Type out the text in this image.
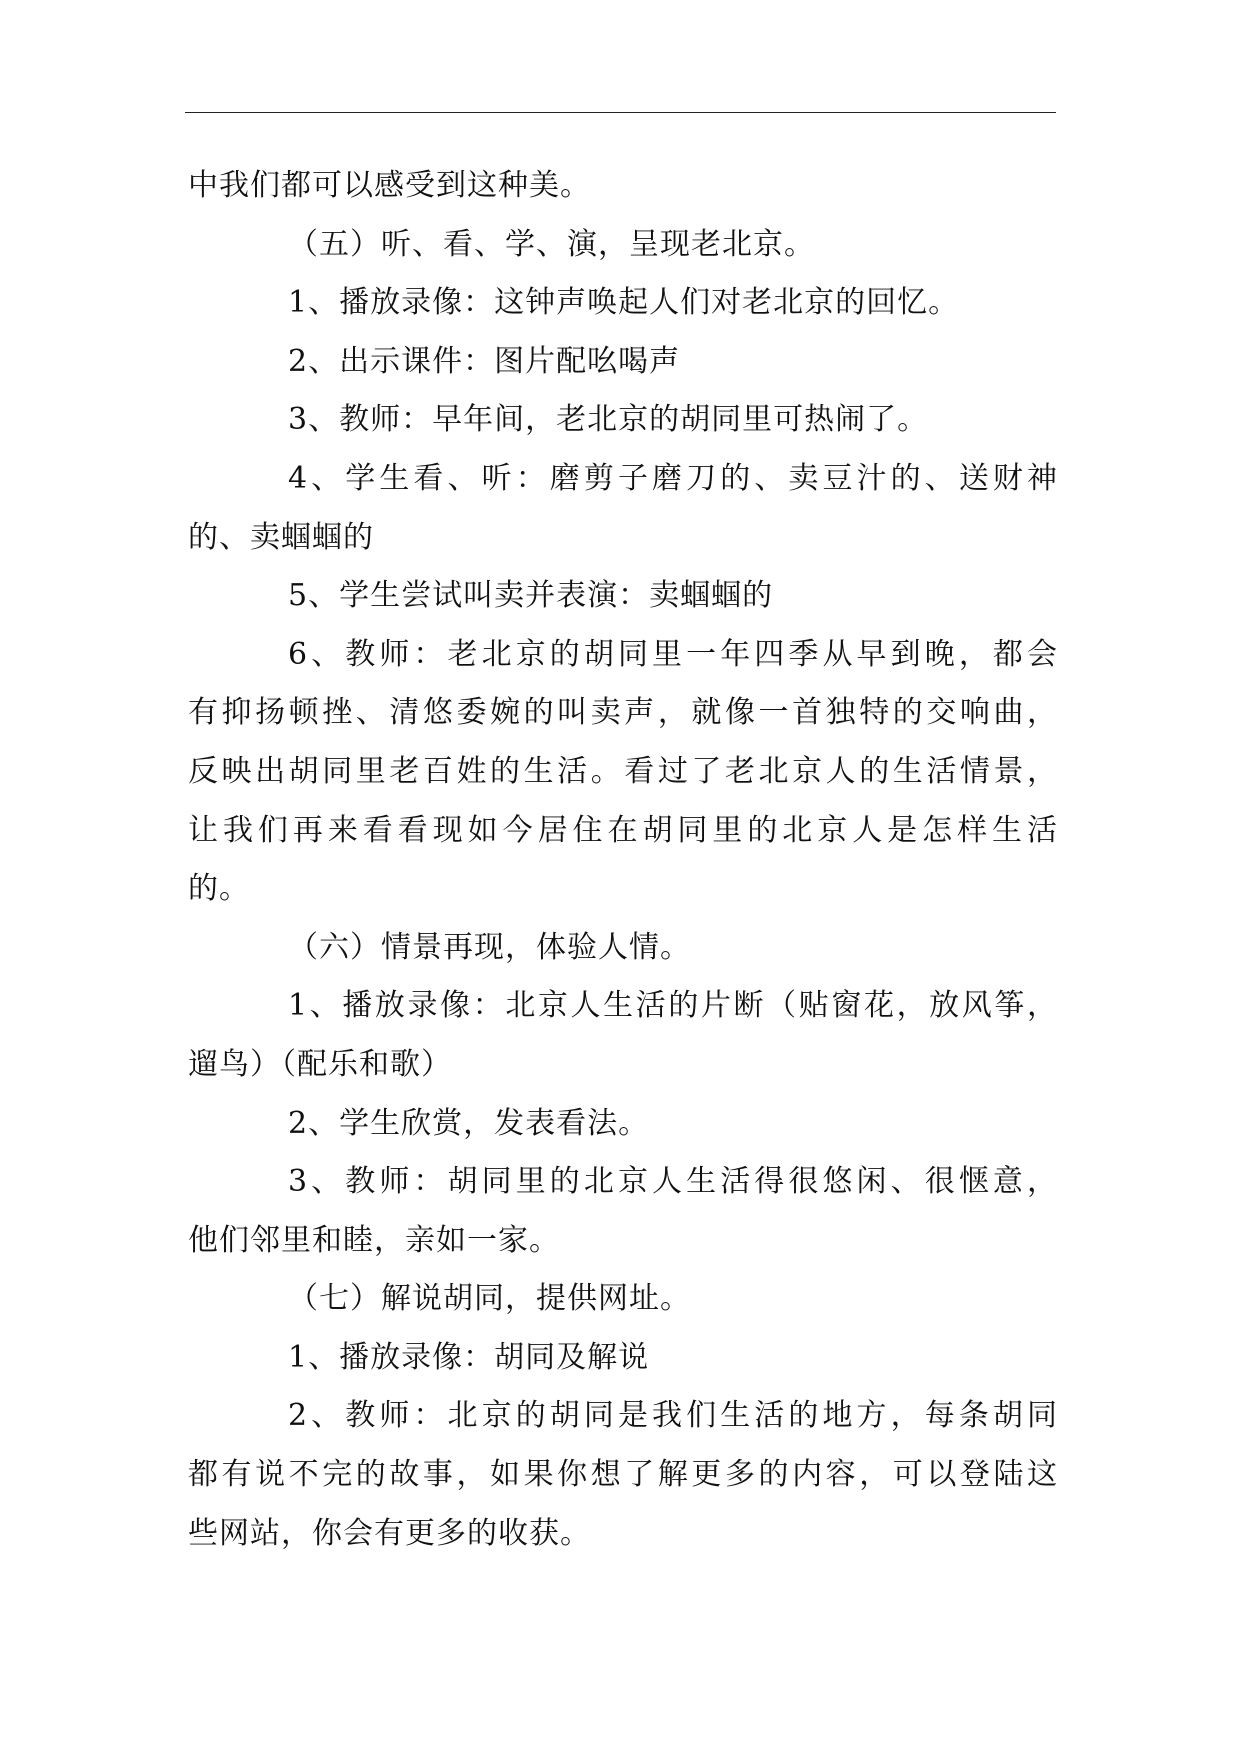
中我们都可以感受到这种美。
（五）听、看、学、演，呈现老北京。
1、播放录像：这钟声唤起人们对老北京的回忆。
2、出示课件：图片配吆喝声
3、教师：早年间，老北京的胡同里可热闹了。
4、学生看、听：磨剪子磨刀的、卖豆汁的、送财神
的、卖蝈蝈的
5、学生尝试叫卖并表演：卖蝈蝈的
6、教师：老北京的胡同里一年四季从早到晚，都会
有抑扬顿挫、清悠委婉的叫卖声，就像一首独特的交响曲，
反映出胡同里老百姓的生活。看过了老北京人的生活情景，
让我们再来看看现如今居住在胡同里的北京人是怎样生活
的。
（六）情景再现，体验人情。
1、播放录像：北京人生活的片断（贴窗花，放风筝，
遛鸟）（配乐和歌）
2、学生欣赏，发表看法。
3、教师：胡同里的北京人生活得很悠闲、很惬意，
他们邻里和睦，亲如一家。
（七）解说胡同，提供网址。
1、播放录像：胡同及解说
2、教师：北京的胡同是我们生活的地方，每条胡同
都有说不完的故事，如果你想了解更多的内容，可以登陆这
些网站，你会有更多的收获。
